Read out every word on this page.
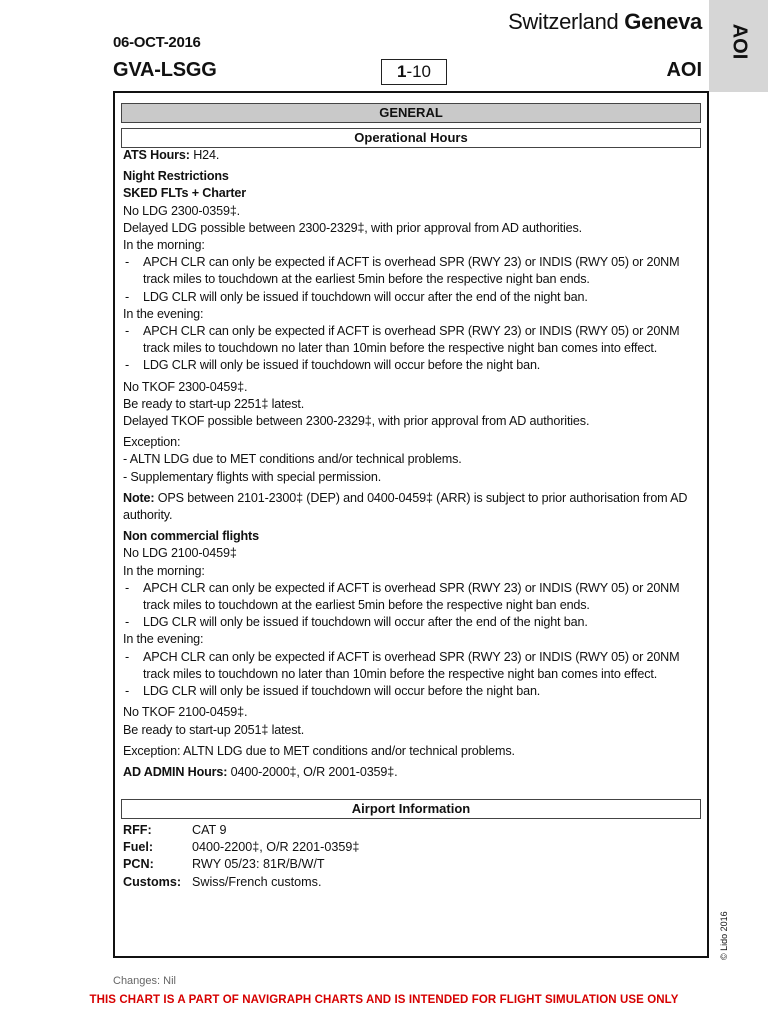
06-OCT-2016
GVA-LSGG	1-10
Switzerland Geneva
AOI
AOI
GENERAL
Operational Hours

ATS Hours: H24.

Night Restrictions

SKED FLTs + Charter

No LDG 2300-0359‡.

Delayed LDG possible between 2300-2329‡, with prior approval from AD authorities.

In the morning:

- APCH CLR can only be expected if ACFT is overhead SPR (RWY 23) or INDIS (RWY 05) or 20NM track miles to touchdown at the earliest 5min before the respective night ban ends.
- LDG CLR will only be issued if touchdown will occur after the end of the night ban.

In the evening:

- APCH CLR can only be expected if ACFT is overhead SPR (RWY 23) or INDIS (RWY 05) or 20NM track miles to touchdown no later than 10min before the respective night ban comes into effect.
- LDG CLR will only be issued if touchdown will occur before the night ban.

No TKOF 2300-0459‡.

Be ready to start-up 2251‡ latest.

Delayed TKOF possible between 2300-2329‡, with prior approval from AD authorities.

Exception:

- ALTN LDG due to MET conditions and/or technical problems.

- Supplementary flights with special permission.

Note: OPS between 2101-2300‡ (DEP) and 0400-0459‡ (ARR) is subject to prior authorisation from AD authority.

Non commercial flights

No LDG 2100-0459‡

In the morning:

- APCH CLR can only be expected if ACFT is overhead SPR (RWY 23) or INDIS (RWY 05) or 20NM track miles to touchdown at the earliest 5min before the respective night ban ends.
- LDG CLR will only be issued if touchdown will occur after the end of the night ban.

In the evening:

- APCH CLR can only be expected if ACFT is overhead SPR (RWY 23) or INDIS (RWY 05) or 20NM track miles to touchdown no later than 10min before the respective night ban comes into effect.
- LDG CLR will only be issued if touchdown will occur before the night ban.

No TKOF 2100-0459‡.

Be ready to start-up 2051‡ latest.

Exception: ALTN LDG due to MET conditions and/or technical problems.

AD ADMIN Hours: 0400-2000‡, O/R 2001-0359‡.

Airport Information
RFF:	CAT 9
Fuel:	0400-2200‡, O/R 2201-0359‡
PCN:	RWY 05/23: 81R/B/W/T
Customs: Swiss/French customs.
© Lido 2016
Changes: Nil
THIS CHART IS A PART OF NAVIGRAPH CHARTS AND IS INTENDED FOR FLIGHT SIMULATION USE ONLY
